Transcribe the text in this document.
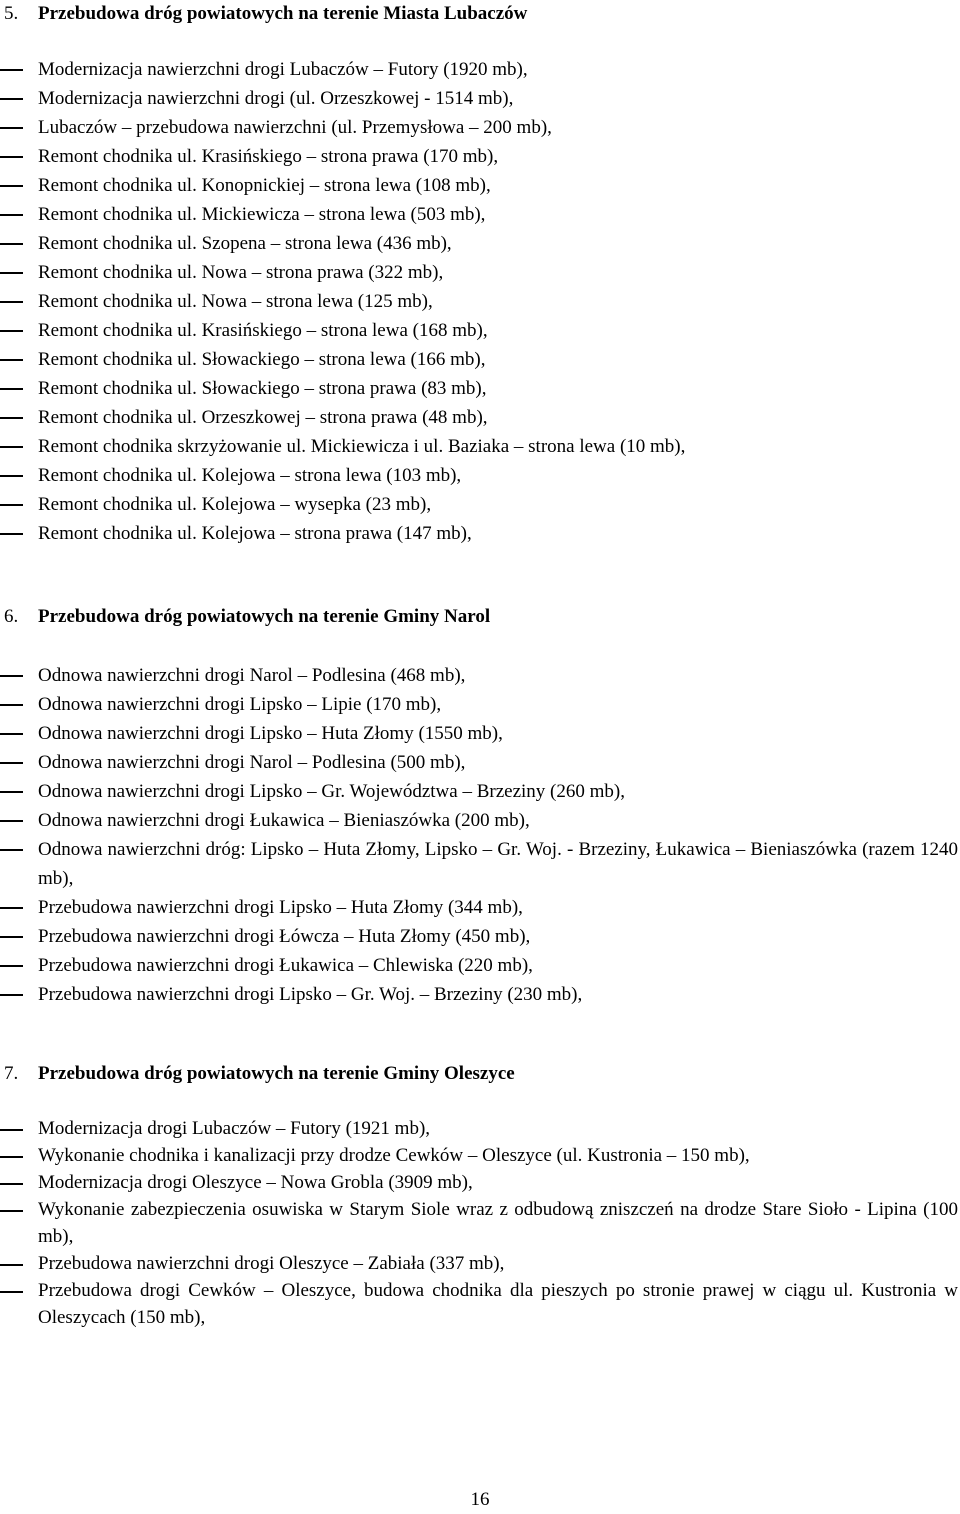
5. Przebudowa dróg powiatowych na terenie Miasta Lubaczów
Modernizacja nawierzchni drogi Lubaczów – Futory (1920 mb),
Modernizacja nawierzchni drogi (ul. Orzeszkowej - 1514 mb),
Lubaczów – przebudowa nawierzchni (ul. Przemysłowa – 200 mb),
Remont chodnika ul. Krasińskiego – strona prawa (170 mb),
Remont chodnika ul. Konopnickiej – strona lewa (108 mb),
Remont chodnika ul. Mickiewicza – strona lewa (503 mb),
Remont chodnika ul. Szopena – strona lewa (436 mb),
Remont chodnika ul. Nowa – strona prawa (322 mb),
Remont chodnika ul. Nowa – strona lewa (125 mb),
Remont chodnika ul. Krasińskiego – strona lewa (168 mb),
Remont chodnika ul. Słowackiego – strona lewa (166 mb),
Remont chodnika ul. Słowackiego – strona prawa (83 mb),
Remont chodnika ul. Orzeszkowej – strona prawa (48 mb),
Remont chodnika skrzyżowanie ul. Mickiewicza i ul. Baziaka – strona lewa (10 mb),
Remont chodnika ul. Kolejowa – strona lewa (103 mb),
Remont chodnika ul. Kolejowa – wysepka (23 mb),
Remont chodnika ul. Kolejowa – strona prawa (147 mb),
6. Przebudowa dróg powiatowych na terenie Gminy Narol
Odnowa nawierzchni drogi Narol – Podlesina (468 mb),
Odnowa nawierzchni drogi Lipsko – Lipie (170 mb),
Odnowa nawierzchni drogi Lipsko – Huta Złomy (1550 mb),
Odnowa nawierzchni drogi Narol – Podlesina (500 mb),
Odnowa nawierzchni drogi Lipsko – Gr. Województwa – Brzeziny (260 mb),
Odnowa nawierzchni drogi Łukawica – Bieniaszówka (200 mb),
Odnowa nawierzchni dróg: Lipsko – Huta Złomy, Lipsko – Gr. Woj. - Brzeziny, Łukawica – Bieniaszówka (razem 1240 mb),
Przebudowa nawierzchni drogi Lipsko – Huta Złomy (344 mb),
Przebudowa nawierzchni drogi Łówcza – Huta Złomy (450 mb),
Przebudowa nawierzchni drogi Łukawica – Chlewiska (220 mb),
Przebudowa nawierzchni drogi Lipsko – Gr. Woj. – Brzeziny (230 mb),
7. Przebudowa dróg powiatowych na terenie Gminy Oleszyce
Modernizacja drogi Lubaczów – Futory (1921 mb),
Wykonanie chodnika i kanalizacji przy drodze Cewków – Oleszyce (ul. Kustronia – 150 mb),
Modernizacja drogi Oleszyce – Nowa Grobla (3909 mb),
Wykonanie zabezpieczenia osuwiska w Starym Siole wraz z odbudową zniszczeń na drodze Stare Sioło - Lipina (100 mb),
Przebudowa nawierzchni drogi Oleszyce – Zabiała (337 mb),
Przebudowa drogi Cewków – Oleszyce, budowa chodnika dla pieszych po stronie prawej w ciągu ul. Kustronia w Oleszycach (150 mb),
16
